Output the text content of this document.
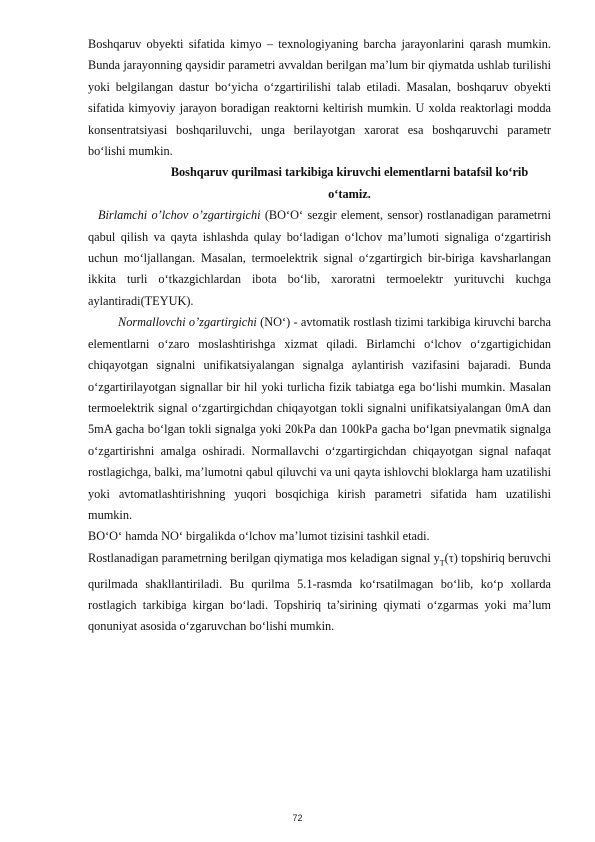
Boshqaruv obyekti sifatida kimyo – texnologiyaning barcha jarayonlarini qarash mumkin. Bunda jarayonning qaysidir parametri avvaldan berilgan ma’lum bir qiymatda ushlab turilishi yoki belgilangan dastur bo‘yicha o‘zgartirilishi talab etiladi. Masalan, boshqaruv obyekti sifatida kimyoviy jarayon boradigan reaktorni keltirish mumkin. U xolda reaktorlagi modda konsentratsiyasi boshqariluvchi, unga berilayotgan xarorat esa boshqaruvchi parametr bo‘lishi mumkin.

Boshqaruv qurilmasi tarkibiga kiruvchi elementlarni batafsil ko‘rib o‘tamiz.

Birlamchi o’lchov o’zgartirgichi (BO‘O‘ sezgir element, sensor) rostlanadigan parametrni qabul qilish va qayta ishlashda qulay bo‘ladigan o‘lchov ma’lumoti signaliga o‘zgartirish uchun mo‘ljallangan. Masalan, termoelektrik signal o‘zgartirgich bir-biriga kavsharlangan ikkita turli o‘tkazgichlardan ibota bo‘lib, xaroratni termoelektr yurituvchi kuchga aylantiradi(TEYUK).

Normallovchi o’zgartirgichi (NO‘) - avtomatik rostlash tizimi tarkibiga kiruvchi barcha elementlarni o‘zaro moslashtirishga xizmat qiladi. Birlamchi o‘lchov o‘zgartigichidan chiqayotgan signalni unifikatsiyalangan signalga aylantirish vazifasini bajaradi. Bunda o‘zgartirilayotgan signallar bir hil yoki turlicha fizik tabiatga ega bo‘lishi mumkin. Masalan termoelektrik signal o‘zgartirgichdan chiqayotgan tokli signalni unifikatsiyalangan 0mA dan 5mA gacha bo‘lgan tokli signalga yoki 20kPa dan 100kPa gacha bo‘lgan pnevmatik signalga o‘zgartirishni amalga oshiradi. Normallavchi o‘zgartirgichdan chiqayotgan signal nafaqat rostlagichga, balki, ma’lumotni qabul qiluvchi va uni qayta ishlovchi bloklarga ham uzatilishi yoki avtomatlashtirishning yuqori bosqichiga kirish parametri sifatida ham uzatilishi mumkin.

BO‘O‘ hamda NO‘ birgalikda o‘lchov ma’lumot tizisini tashkil etadi.

Rostlanadigan parametrning berilgan qiymatiga mos keladigan signal $y_T(\tau)$ topshiriq beruvchi qurilmada shakllantiriladi. Bu qurilma 5.1-rasmda ko‘rsatilmagan bo‘lib, ko‘p xollarda rostlagich tarkibiga kirgan bo‘ladi. Topshiriq ta’sirining qiymati o‘zgarmas yoki ma’lum qonuniyat asosida o‘zgaruvchan bo‘lishi mumkin.

72
